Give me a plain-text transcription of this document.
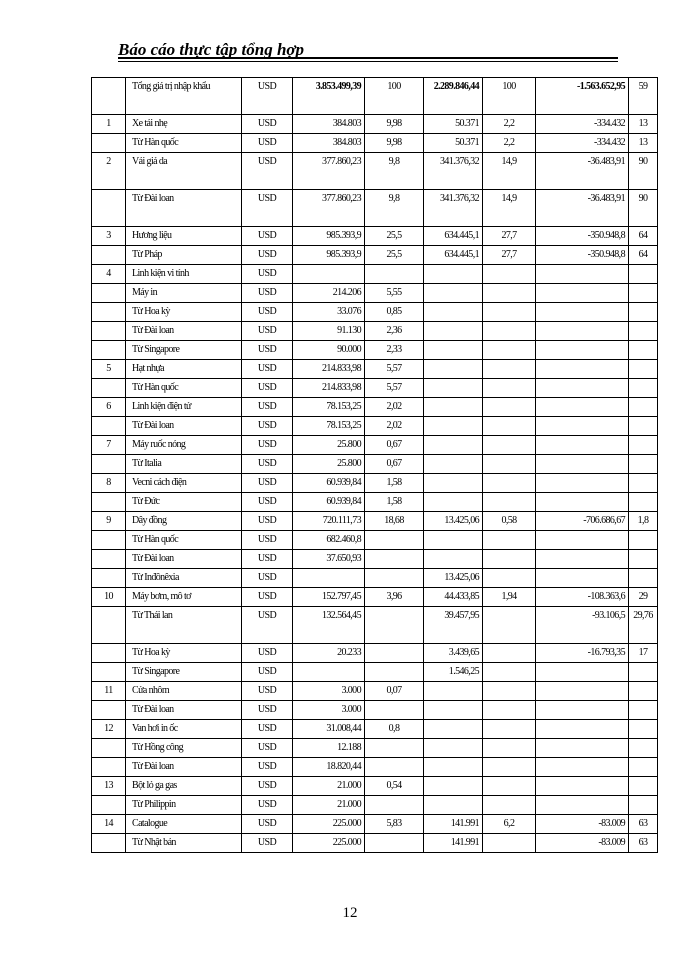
Báo cáo thực tập tổng hợp
	Tổng giá trị nhập khẩu	USD	3.853.499,39	100	2.289.846,44	100	-1.563.652,95	59
1	Xe tải nhẹ	USD	384.803	9,98	50.371	2,2	-334.432	13
	Từ Hàn quốc	USD	384.803	9,98	50.371	2,2	-334.432	13
2	Vải giả da	USD	377.860,23	9,8	341.376,32	14,9	-36.483,91	90
	Từ Đài loan	USD	377.860,23	9,8	341.376,32	14,9	-36.483,91	90
3	Hương liệu	USD	985.393,9	25,5	634.445,1	27,7	-350.948,8	64
	Từ Pháp	USD	985.393,9	25,5	634.445,1	27,7	-350.948,8	64
4	Linh kiện vi tính	USD						
	Máy in	USD	214.206	5,55				
	Từ Hoa kỳ	USD	33.076	0,85				
	Từ Đài loan	USD	91.130	2,36				
	Từ Singapore	USD	90.000	2,33				
5	Hạt nhựa	USD	214.833,98	5,57				
	Từ Hàn quốc	USD	214.833,98	5,57				
6	Linh kiện điện tử	USD	78.153,25	2,02				
	Từ Đài loan	USD	78.153,25	2,02				
7	Máy ruốc nóng	USD	25.800	0,67				
	Từ Italia	USD	25.800	0,67				
8	Vecni cách điện	USD	60.939,84	1,58				
	Từ Đức	USD	60.939,84	1,58				
9	Dây đồng	USD	720.111,73	18,68	13.425,06	0,58	-706.686,67	1,8
	Từ Hàn quốc	USD	682.460,8					
	Từ Đài loan	USD	37.650,93					
	Từ Inđônêxia	USD			13.425,06			
10	Máy bơm, mô tơ	USD	152.797,45	3,96	44.433,85	1,94	-108.363,6	29
	Từ Thái lan	USD	132.564,45		39.457,95		-93.106,5	29,76
	Từ Hoa kỳ	USD	20.233		3.439,65		-16.793,35	17
	Từ Singapore	USD			1.546,25			
11	Cửa nhôm	USD	3.000	0,07				
	Từ Đài loan	USD	3.000					
12	Van hơi in ốc	USD	31.008,44	0,8				
	Từ Hồng công	USD	12.188					
	Từ Đài loan	USD	18.820,44					
13	Bột lỏ ga gas	USD	21.000	0,54				
	Từ Philippin	USD	21.000					
14	Catalogue	USD	225.000	5,83	141.991	6,2	-83.009	63
	Từ Nhật bản	USD	225.000		141.991		-83.009	63
12
